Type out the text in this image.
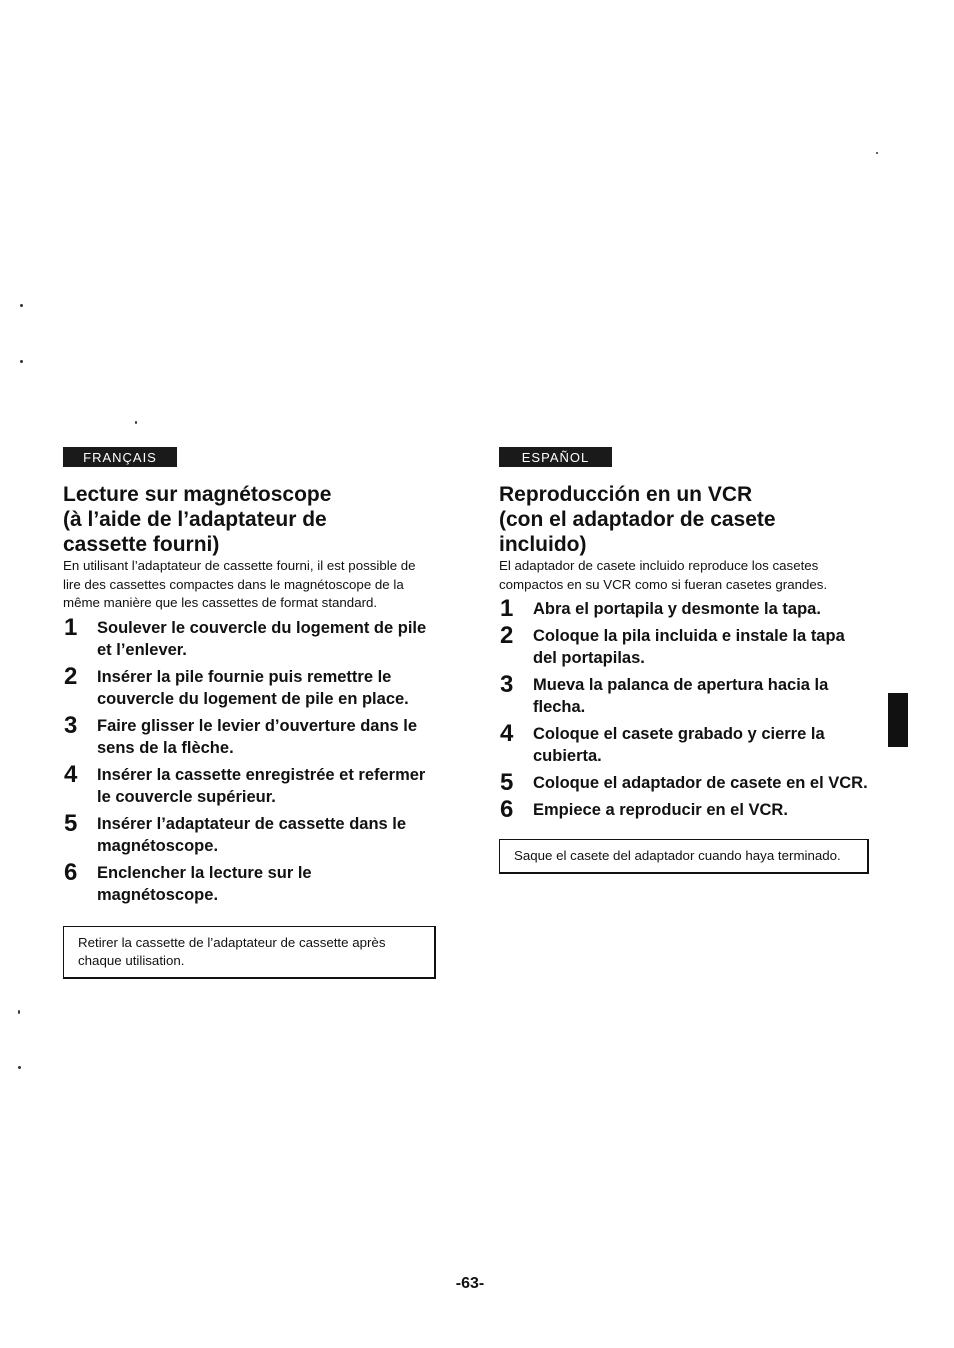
FRANÇAIS
Lecture sur magnétoscope
(à l’aide de l’adaptateur de
cassette fourni)

En utilisant l’adaptateur de cassette fourni, il est possible de lire des cassettes compactes dans le magnétoscope de la même manière que les cassettes de format standard.

1 Soulever le couvercle du logement de pile et l’enlever.
2 Insérer la pile fournie puis remettre le couvercle du logement de pile en place.
3 Faire glisser le levier d’ouverture dans le sens de la flèche.
4 Insérer la cassette enregistrée et refermer le couvercle supérieur.
5 Insérer l’adaptateur de cassette dans le magnétoscope.
6 Enclencher la lecture sur le magnétoscope.
Retirer la cassette de l’adaptateur de cassette après chaque utilisation.
ESPAÑOL
Reproducción en un VCR
(con el adaptador de casete
incluido)

El adaptador de casete incluido reproduce los casetes compactos en su VCR como si fueran casetes grandes.

1 Abra el portapila y desmonte la tapa.
2 Coloque la pila incluida e instale la tapa del portapilas.
3 Mueva la palanca de apertura hacia la flecha.
4 Coloque el casete grabado y cierre la cubierta.
5 Coloque el adaptador de casete en el VCR.
6 Empiece a reproducir en el VCR.
Saque el casete del adaptador cuando haya terminado.
-63-
